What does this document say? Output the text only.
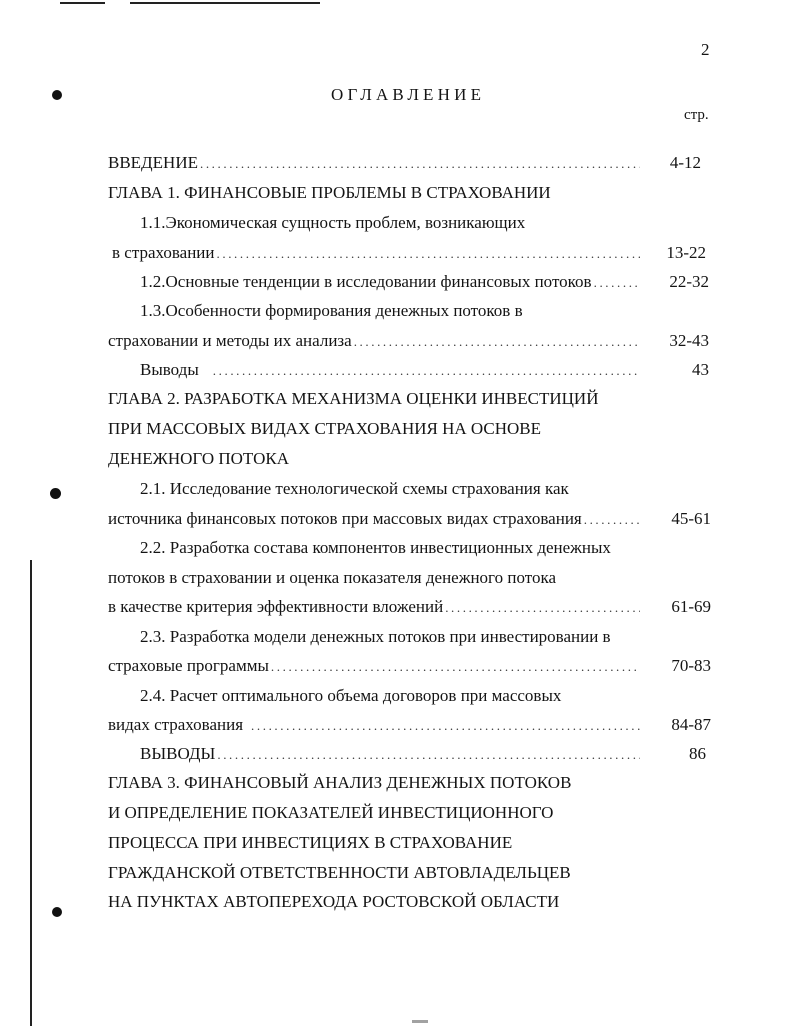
2
ОГЛАВЛЕНИЕ
стр.
ВВЕДЕНИЕ .....	4-12
ГЛАВА 1. ФИНАНСОВЫЕ ПРОБЛЕМЫ В СТРАХОВАНИИ
1.1.Экономическая сущность проблем, возникающих
в страховании .....	13-22
1.2.Основные тенденции в исследовании финансовых потоков .....	22-32
1.3.Особенности формирования денежных потоков в
страховании и методы их анализа .....	32-43
Выводы .....	43
ГЛАВА 2. РАЗРАБОТКА МЕХАНИЗМА ОЦЕНКИ ИНВЕСТИЦИЙ
ПРИ МАССОВЫХ ВИДАХ СТРАХОВАНИЯ НА ОСНОВЕ
ДЕНЕЖНОГО ПОТОКА
2.1. Исследование технологической схемы страхования как
источника финансовых потоков при массовых видах страхования .....	45-61
2.2. Разработка состава компонентов инвестиционных денежных
потоков в страховании и оценка показателя денежного потока
в качестве критерия эффективности вложений .....	61-69
2.3. Разработка модели денежных потоков при инвестировании в
страховые программы .....	70-83
2.4. Расчет оптимального объема договоров при массовых
видах страхования .....	84-87
ВЫВОДЫ .....	86
ГЛАВА 3. ФИНАНСОВЫЙ АНАЛИЗ ДЕНЕЖНЫХ ПОТОКОВ
И ОПРЕДЕЛЕНИЕ ПОКАЗАТЕЛЕЙ ИНВЕСТИЦИОННОГО
ПРОЦЕССА ПРИ ИНВЕСТИЦИЯХ В СТРАХОВАНИЕ
ГРАЖДАНСКОЙ ОТВЕТСТВЕННОСТИ АВТОВЛАДЕЛЬЦЕВ
НА ПУНКТАХ АВТОПЕРЕХОДА РОСТОВСКОЙ ОБЛАСТИ
